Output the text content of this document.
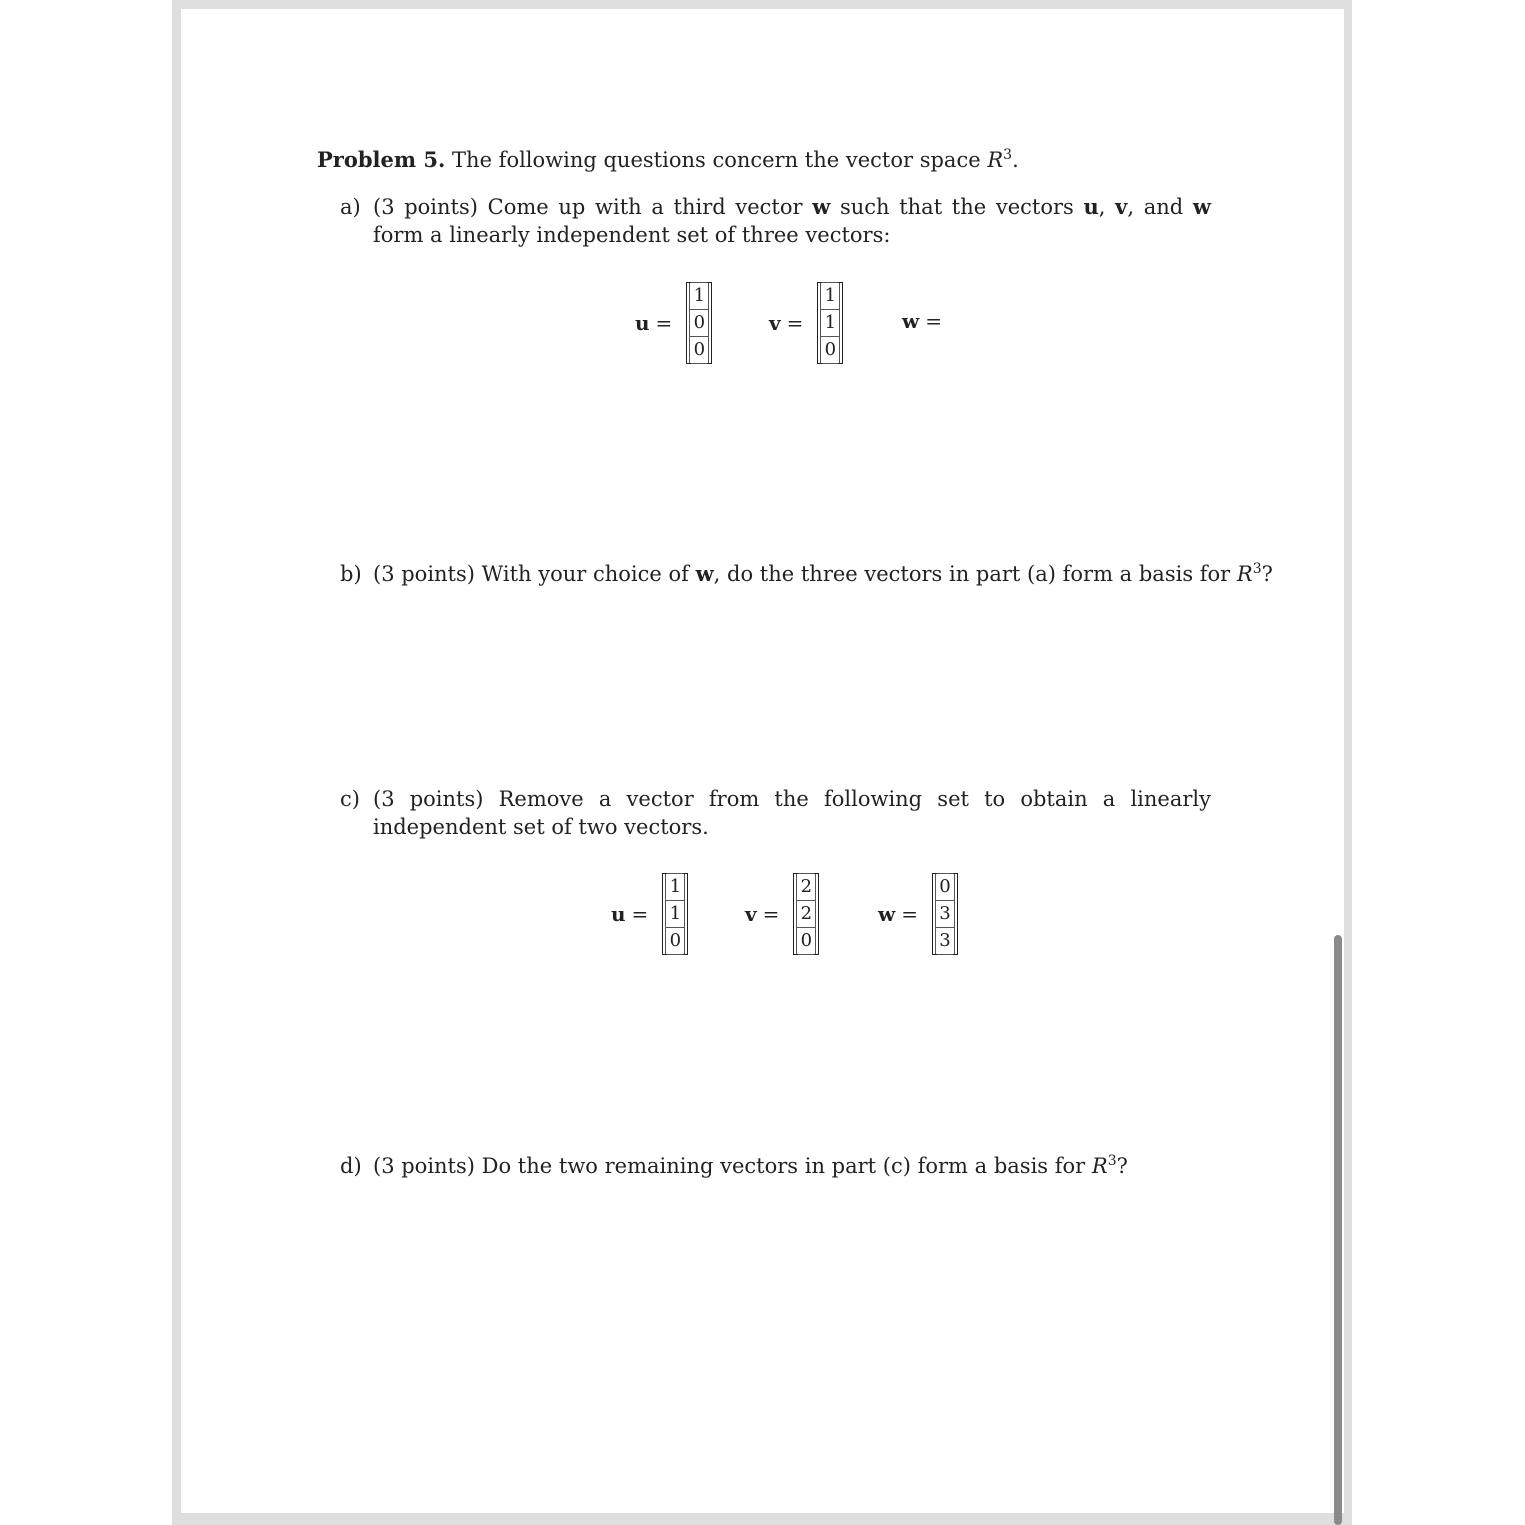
Problem 5. The following questions concern the vector space $R^3$.
a) (3 points) Come up with a third vector w such that the vectors u, v, and w form a linearly independent set of three vectors:
u =
1
0
0
v =
1
1
0
w =
b) (3 points) With your choice of w, do the three vectors in part (a) form a basis for $R^3$?
c) (3 points) Remove a vector from the following set to obtain a linearly independent set of two vectors.
u =
1
1
0
v =
2
2
0
w =
0
3
3
d) (3 points) Do the two remaining vectors in part (c) form a basis for $R^3$?
